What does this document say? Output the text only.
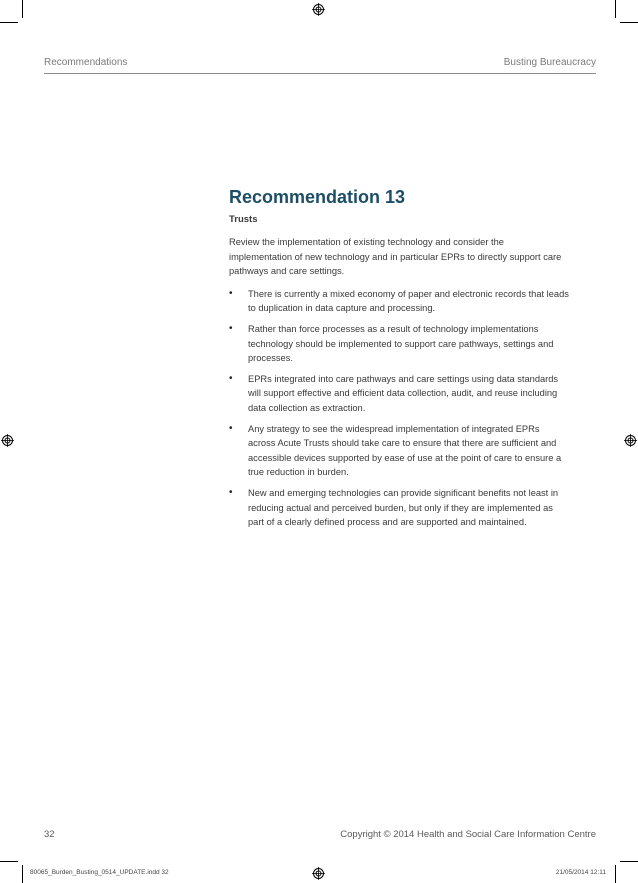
Recommendations	Busting Bureaucracy
Recommendation 13
Trusts

Review the implementation of existing technology and consider the implementation of new technology and in particular EPRs to directly support care pathways and care settings.

• There is currently a mixed economy of paper and electronic records that leads to duplication in data capture and processing.
• Rather than force processes as a result of technology implementations technology should be implemented to support care pathways, settings and processes.
• EPRs integrated into care pathways and care settings using data standards will support effective and efficient data collection, audit, and reuse including data collection as extraction.
• Any strategy to see the widespread implementation of integrated EPRs across Acute Trusts should take care to ensure that there are sufficient and accessible devices supported by ease of use at the point of care to ensure a true reduction in burden.
• New and emerging technologies can provide significant benefits not least in reducing actual and perceived burden, but only if they are implemented as part of a clearly defined process and are supported and maintained.
32	Copyright © 2014 Health and Social Care Information Centre
80065_Burden_Busting_0514_UPDATE.indd 32	21/05/2014 12:11
